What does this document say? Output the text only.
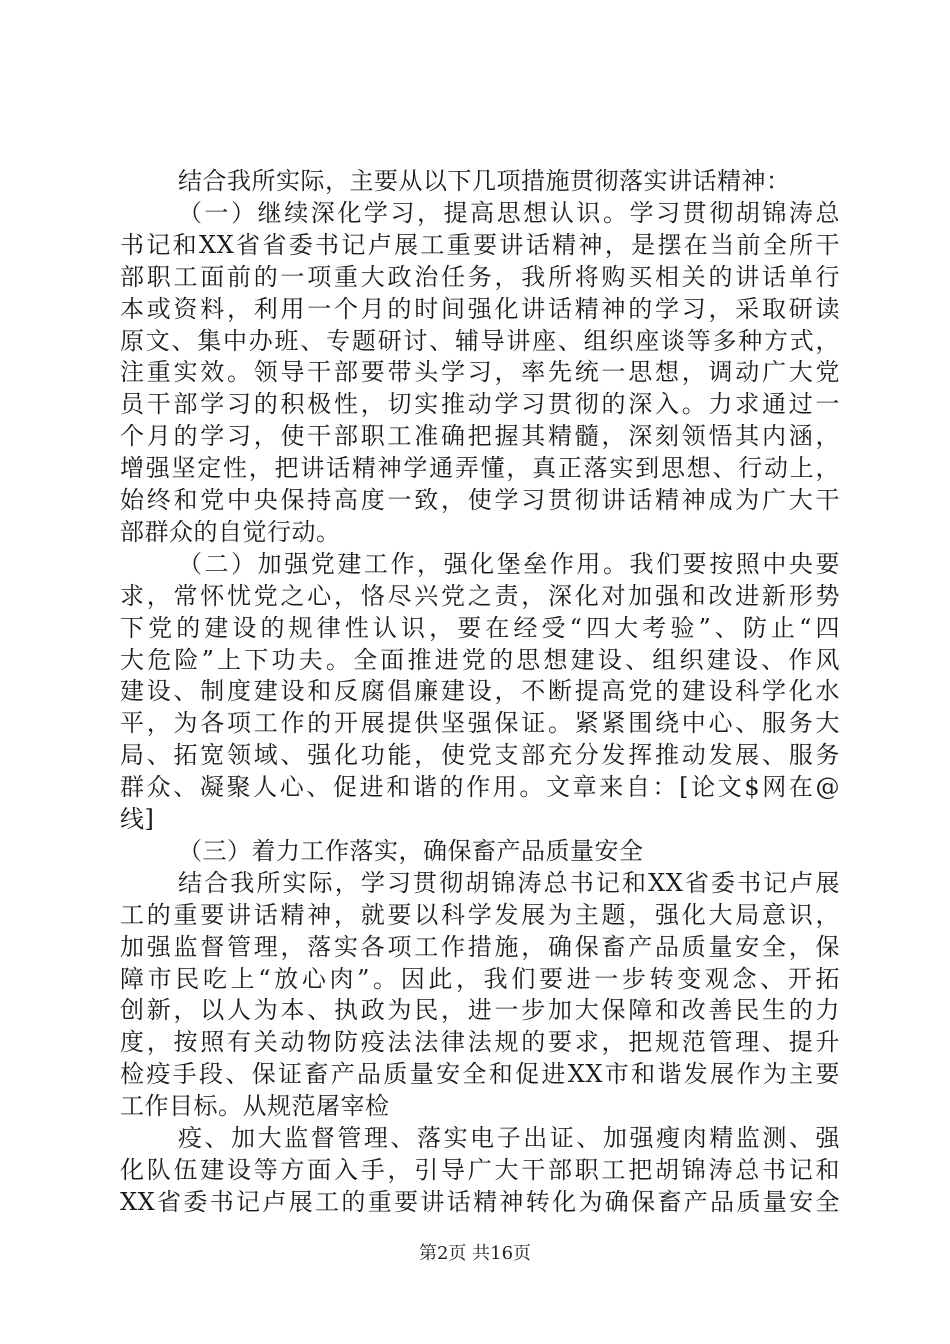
结合我所实际，主要从以下几项措施贯彻落实讲话精神：
（一）继续深化学习，提高思想认识。学习贯彻胡锦涛总
书记和XX省省委书记卢展工重要讲话精神，是摆在当前全所干
部职工面前的一项重大政治任务，我所将购买相关的讲话单行
本或资料，利用一个月的时间强化讲话精神的学习，采取研读
原文、集中办班、专题研讨、辅导讲座、组织座谈等多种方式，
注重实效。领导干部要带头学习，率先统一思想，调动广大党
员干部学习的积极性，切实推动学习贯彻的深入。力求通过一
个月的学习，使干部职工准确把握其精髓，深刻领悟其内涵，
增强坚定性，把讲话精神学通弄懂，真正落实到思想、行动上，
始终和党中央保持高度一致，使学习贯彻讲话精神成为广大干
部群众的自觉行动。
（二）加强党建工作，强化堡垒作用。我们要按照中央要
求，常怀忧党之心，恪尽兴党之责，深化对加强和改进新形势
下党的建设的规律性认识，要在经受“四大考验”、防止“四
大危险”上下功夫。全面推进党的思想建设、组织建设、作风
建设、制度建设和反腐倡廉建设，不断提高党的建设科学化水
平，为各项工作的开展提供坚强保证。紧紧围绕中心、服务大
局、拓宽领域、强化功能，使党支部充分发挥推动发展、服务
群众、凝聚人心、促进和谐的作用。文章来自：[论文$网在@
线]
（三）着力工作落实，确保畜产品质量安全
结合我所实际，学习贯彻胡锦涛总书记和XX省委书记卢展
工的重要讲话精神，就要以科学发展为主题，强化大局意识，
加强监督管理，落实各项工作措施，确保畜产品质量安全，保
障市民吃上“放心肉”。因此，我们要进一步转变观念、开拓
创新，以人为本、执政为民，进一步加大保障和改善民生的力
度，按照有关动物防疫法法律法规的要求，把规范管理、提升
检疫手段、保证畜产品质量安全和促进XX市和谐发展作为主要
工作目标。从规范屠宰检
疫、加大监督管理、落实电子出证、加强瘦肉精监测、强
化队伍建设等方面入手，引导广大干部职工把胡锦涛总书记和
XX省委书记卢展工的重要讲话精神转化为确保畜产品质量安全
第2页 共16页
